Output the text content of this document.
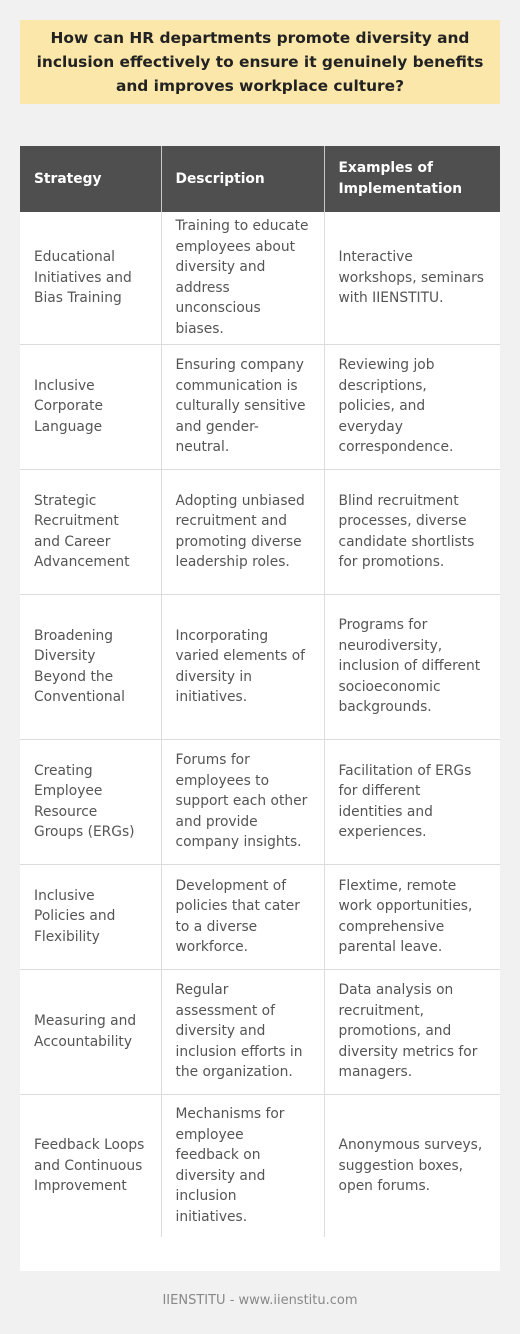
How can HR departments promote diversity and inclusion effectively to ensure it genuinely benefits and improves workplace culture?
Strategy	Description	Examples of Implementation
Educational Initiatives and Bias Training	Training to educate employees about diversity and address unconscious biases.	Interactive workshops, seminars with IIENSTITU.
Inclusive Corporate Language	Ensuring company communication is culturally sensitive and gender-neutral.	Reviewing job descriptions, policies, and everyday correspondence.
Strategic Recruitment and Career Advancement	Adopting unbiased recruitment and promoting diverse leadership roles.	Blind recruitment processes, diverse candidate shortlists for promotions.
Broadening Diversity Beyond the Conventional	Incorporating varied elements of diversity in initiatives.	Programs for neurodiversity, inclusion of different socioeconomic backgrounds.
Creating Employee Resource Groups (ERGs)	Forums for employees to support each other and provide company insights.	Facilitation of ERGs for different identities and experiences.
Inclusive Policies and Flexibility	Development of policies that cater to a diverse workforce.	Flextime, remote work opportunities, comprehensive parental leave.
Measuring and Accountability	Regular assessment of diversity and inclusion efforts in the organization.	Data analysis on recruitment, promotions, and diversity metrics for managers.
Feedback Loops and Continuous Improvement	Mechanisms for employee feedback on diversity and inclusion initiatives.	Anonymous surveys, suggestion boxes, open forums.
IIENSTITU - www.iienstitu.com
